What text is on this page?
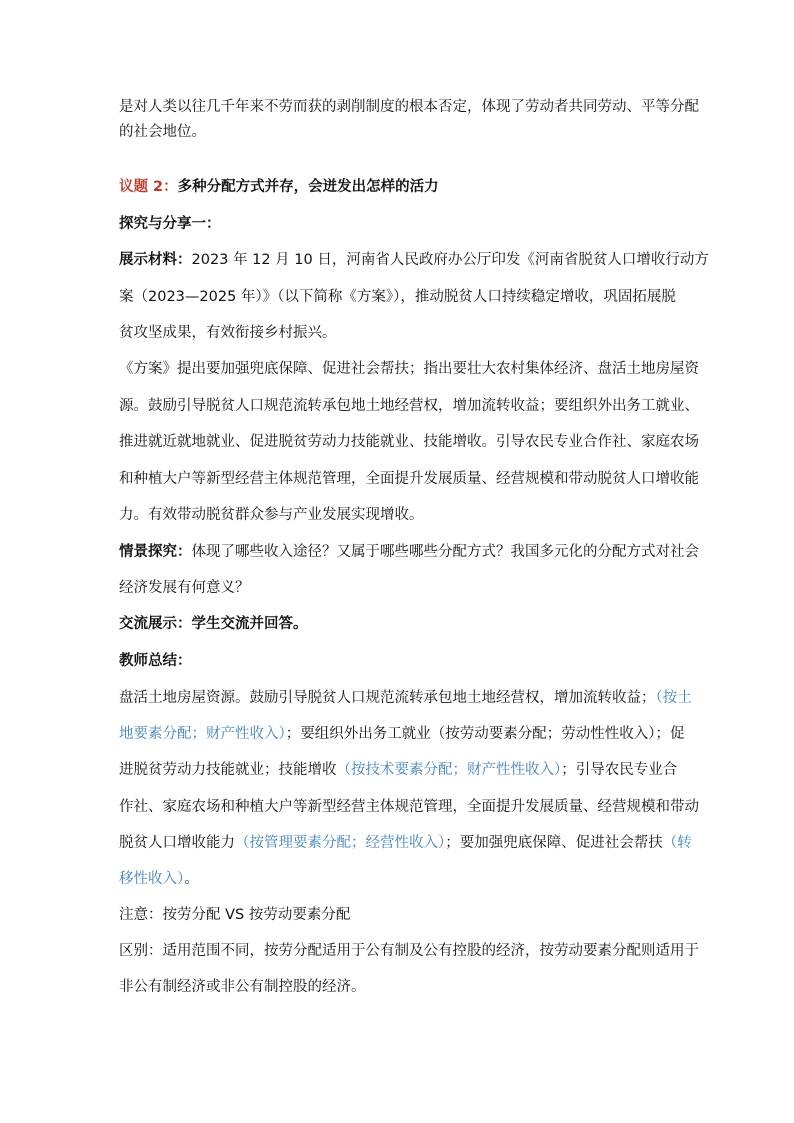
是对人类以往几千年来不劳而获的剥削制度的根本否定，体现了劳动者共同劳动、平等分配
的社会地位。
议题 2：多种分配方式并存，会迸发出怎样的活力
探究与分享一：
展示材料：2023 年 12 月 10 日，河南省人民政府办公厅印发《河南省脱贫人口增收行动方
案（2023—2025 年）》（以下简称《方案》），推动脱贫人口持续稳定增收，巩固拓展脱
贫攻坚成果，有效衔接乡村振兴。
《方案》提出要加强兜底保障、促进社会帮扶；指出要壮大农村集体经济、盘活土地房屋资
源。鼓励引导脱贫人口规范流转承包地土地经营权，增加流转收益；要组织外出务工就业、
推进就近就地就业、促进脱贫劳动力技能就业、技能增收。引导农民专业合作社、家庭农场
和种植大户等新型经营主体规范管理，全面提升发展质量、经营规模和带动脱贫人口增收能
力。有效带动脱贫群众参与产业发展实现增收。
情景探究：体现了哪些收入途径？又属于哪些哪些分配方式？我国多元化的分配方式对社会
经济发展有何意义？
交流展示：学生交流并回答。
教师总结：
盘活土地房屋资源。鼓励引导脱贫人口规范流转承包地土地经营权，增加流转收益；（按土
地要素分配；财产性收入）；要组织外出务工就业（按劳动要素分配；劳动性性收入）；促
进脱贫劳动力技能就业；技能增收（按技术要素分配；财产性性收入）；引导农民专业合
作社、家庭农场和种植大户等新型经营主体规范管理，全面提升发展质量、经营规模和带动
脱贫人口增收能力（按管理要素分配；经营性收入）；要加强兜底保障、促进社会帮扶（转
移性收入）。
注意：按劳分配 VS 按劳动要素分配
区别：适用范围不同，按劳分配适用于公有制及公有控股的经济，按劳动要素分配则适用于
非公有制经济或非公有制控股的经济。
